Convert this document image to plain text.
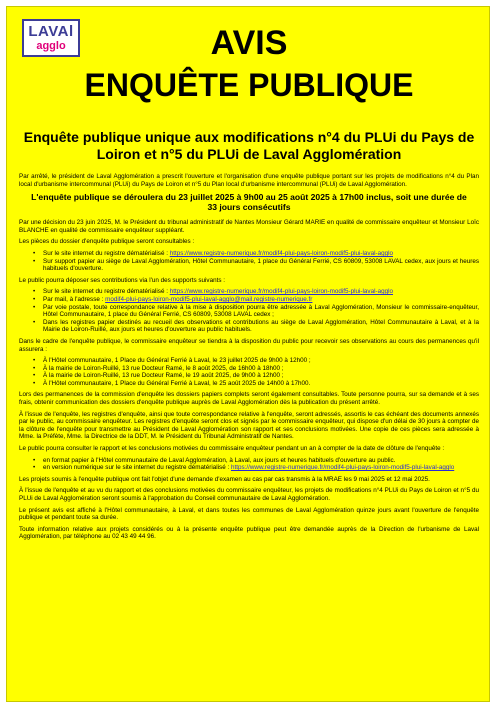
LAVAl
agglo	AVIS
ENQUÊTE PUBLIQUE
Enquête publique unique aux modifications n°4 du PLUi du Pays de Loiron et n°5 du PLUi de Laval Agglomération

Par arrêté, le président de Laval Agglomération a prescrit l'ouverture et l'organisation d'une enquête publique portant sur les projets de modifications n°4 du Plan local d'urbanisme intercommunal (PLUi) du Pays de Loiron et n°5 du Plan local d'urbanisme intercommunal (PLUi) de Laval Agglomération.

L'enquête publique se déroulera du 23 juillet 2025 à 9h00 au 25 août 2025 à 17h00 inclus, soit une durée de 33 jours consécutifs

Par une décision du 23 juin 2025, M. le Président du tribunal administratif de Nantes Monsieur Gérard MARIE en qualité de commissaire enquêteur et Monsieur Loïc BLANCHE en qualité de commissaire enquêteur suppléant.

Les pièces du dossier d'enquête publique seront consultables :

• Sur le site internet du registre dématérialisé : https://www.registre-numerique.fr/modif4-plui-pays-loiron-modif5-plui-laval-agglo
• Sur support papier au siège de Laval Agglomération, Hôtel Communautaire, 1 place du Général Ferrié, CS 60809, 53008 LAVAL cedex, aux jours et heures habituels d'ouverture.

Le public pourra déposer ses contributions via l'un des supports suivants :

• Sur le site internet du registre dématérialisé : https://www.registre-numerique.fr/modif4-plui-pays-loiron-modif5-plui-laval-agglo
• Par mail, à l'adresse : modif4-plui-pays-loiron-modif5-plui-laval-agglo@mail.registre-numerique.fr
• Par voie postale, toute correspondance relative à la mise à disposition pourra être adressée à Laval Agglomération, Monsieur le commissaire-enquêteur, Hôtel Communautaire, 1 place du Général Ferrié, CS 60809, 53008 LAVAL cedex ;
• Dans les registres papier destinés au recueil des observations et contributions au siège de Laval Agglomération, Hôtel Communautaire à Laval, et à la Mairie de Loiron-Ruillé, aux jours et heures d'ouverture au public habituels.

Dans le cadre de l'enquête publique, le commissaire enquêteur se tiendra à la disposition du public pour recevoir ses observations au cours des permanences qu'il assurera :

• À l'Hôtel communautaire, 1 Place du Général Ferrié à Laval, le 23 juillet 2025 de 9h00 à 12h00 ;
• À la mairie de Loiron-Ruillé, 13 rue Docteur Ramé, le 8 août 2025, de 16h00 à 18h00 ;
• À la mairie de Loiron-Ruillé, 13 rue Docteur Ramé, le 19 août 2025, de 9h00 à 12h00 ;
• À l'Hôtel communautaire, 1 Place du Général Ferrié à Laval, le 25 août 2025 de 14h00 à 17h00.

Lors des permanences de la commission d'enquête les dossiers papiers complets seront également consultables. Toute personne pourra, sur sa demande et à ses frais, obtenir communication des dossiers d'enquête publique auprès de Laval Agglomération dès la publication du présent arrêté.

À l'issue de l'enquête, les registres d'enquête, ainsi que toute correspondance relative à l'enquête, seront adressés, assortis le cas échéant des documents annexés par le public, au commissaire enquêteur. Les registres d'enquête seront clos et signés par le commissaire enquêteur, qui dispose d'un délai de 30 jours à compter de la clôture de l'enquête pour transmettre au Président de Laval Agglomération son rapport et ses conclusions motivées. Une copie de ces pièces sera adressée à Mme. la Préfète, Mme. la Directrice de la DDT, M. le Président du Tribunal Administratif de Nantes.

Le public pourra consulter le rapport et les conclusions motivées du commissaire enquêteur pendant un an à compter de la date de clôture de l'enquête :

• en format papier à l'Hôtel communautaire de Laval Agglomération, à Laval, aux jours et heures habituels d'ouverture au public.
• en version numérique sur le site internet du registre dématérialisé : https://www.registre-numerique.fr/modif4-plui-pays-loiron-modif5-plui-laval-agglo

Les projets soumis à l'enquête publique ont fait l'objet d'une demande d'examen au cas par cas transmis à la MRAE les 9 mai 2025 et 12 mai 2025.

À l'issue de l'enquête et au vu du rapport et des conclusions motivées du commissaire enquêteur, les projets de modifications n°4 PLUi du Pays de Loiron et n°5 du PLUi de Laval Agglomération seront soumis à l'approbation du Conseil communautaire de Laval Agglomération.

Le présent avis est affiché à l'Hôtel communautaire, à Laval, et dans toutes les communes de Laval Agglomération quinze jours avant l'ouverture de l'enquête publique et pendant toute sa durée.

Toute information relative aux projets considérés ou à la présente enquête publique peut être demandée auprès de la Direction de l'urbanisme de Laval Agglomération, par téléphone au 02 43 49 44 96.
